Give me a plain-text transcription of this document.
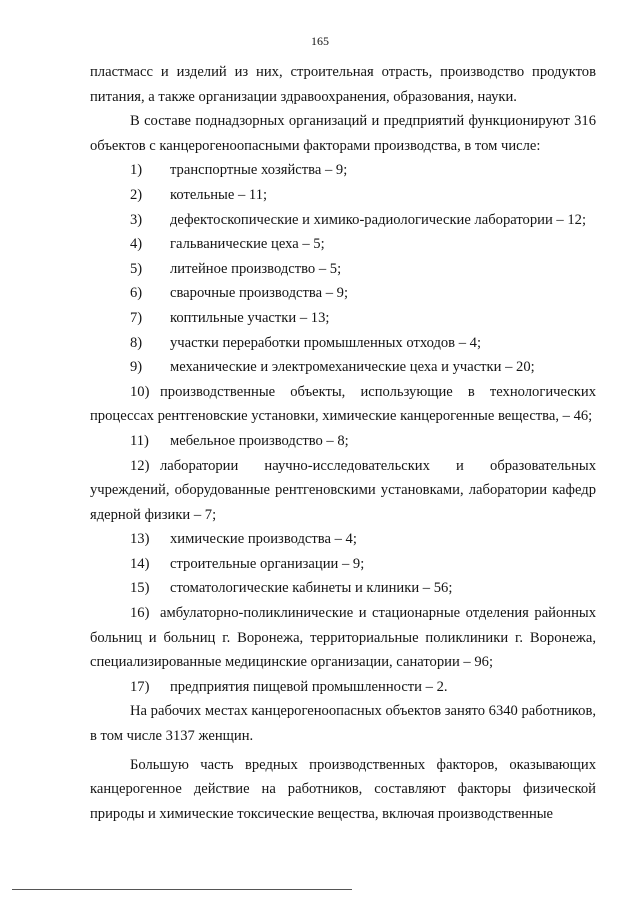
165

пластмасс и изделий из них, строительная отрасть, производство продуктов питания, а также организации здравоохранения, образования, науки.

В составе поднадзорных организаций и предприятий функционируют 316 объектов с канцерогеноопасными факторами производства, в том числе:

1)	транспортные хозяйства – 9;
2)	котельные – 11;
3)	дефектоскопические и химико-радиологические лаборатории – 12;
4)	гальванические цеха – 5;
5)	литейное производство – 5;
6)	сварочные производства – 9;
7)	коптильные участки – 13;
8)	участки переработки промышленных отходов – 4;
9)	механические и электромеханические цеха и участки – 20;

10) производственные объекты, использующие в технологических процессах рентгеновские установки, химические канцерогенные вещества, – 46;

11)	мебельное производство – 8;

12) лаборатории научно-исследовательских и образовательных учреждений, оборудованные рентгеновскими установками, лаборатории кафедр ядерной физики – 7;

13)	химические производства – 4;
14)	строительные организации – 9;
15)	стоматологические кабинеты и клиники – 56;

16) амбулаторно-поликлинические и стационарные отделения районных больниц и больниц г. Воронежа, территориальные поликлиники г. Воронежа, специализированные медицинские организации, санатории – 96;

17)	предприятия пищевой промышленности – 2.

На рабочих местах канцерогеноопасных объектов занято 6340 работников, в том числе 3137 женщин.

Большую часть вредных производственных факторов, оказывающих канцерогенное действие на работников, составляют факторы физической природы и химические токсические вещества, включая производственные
